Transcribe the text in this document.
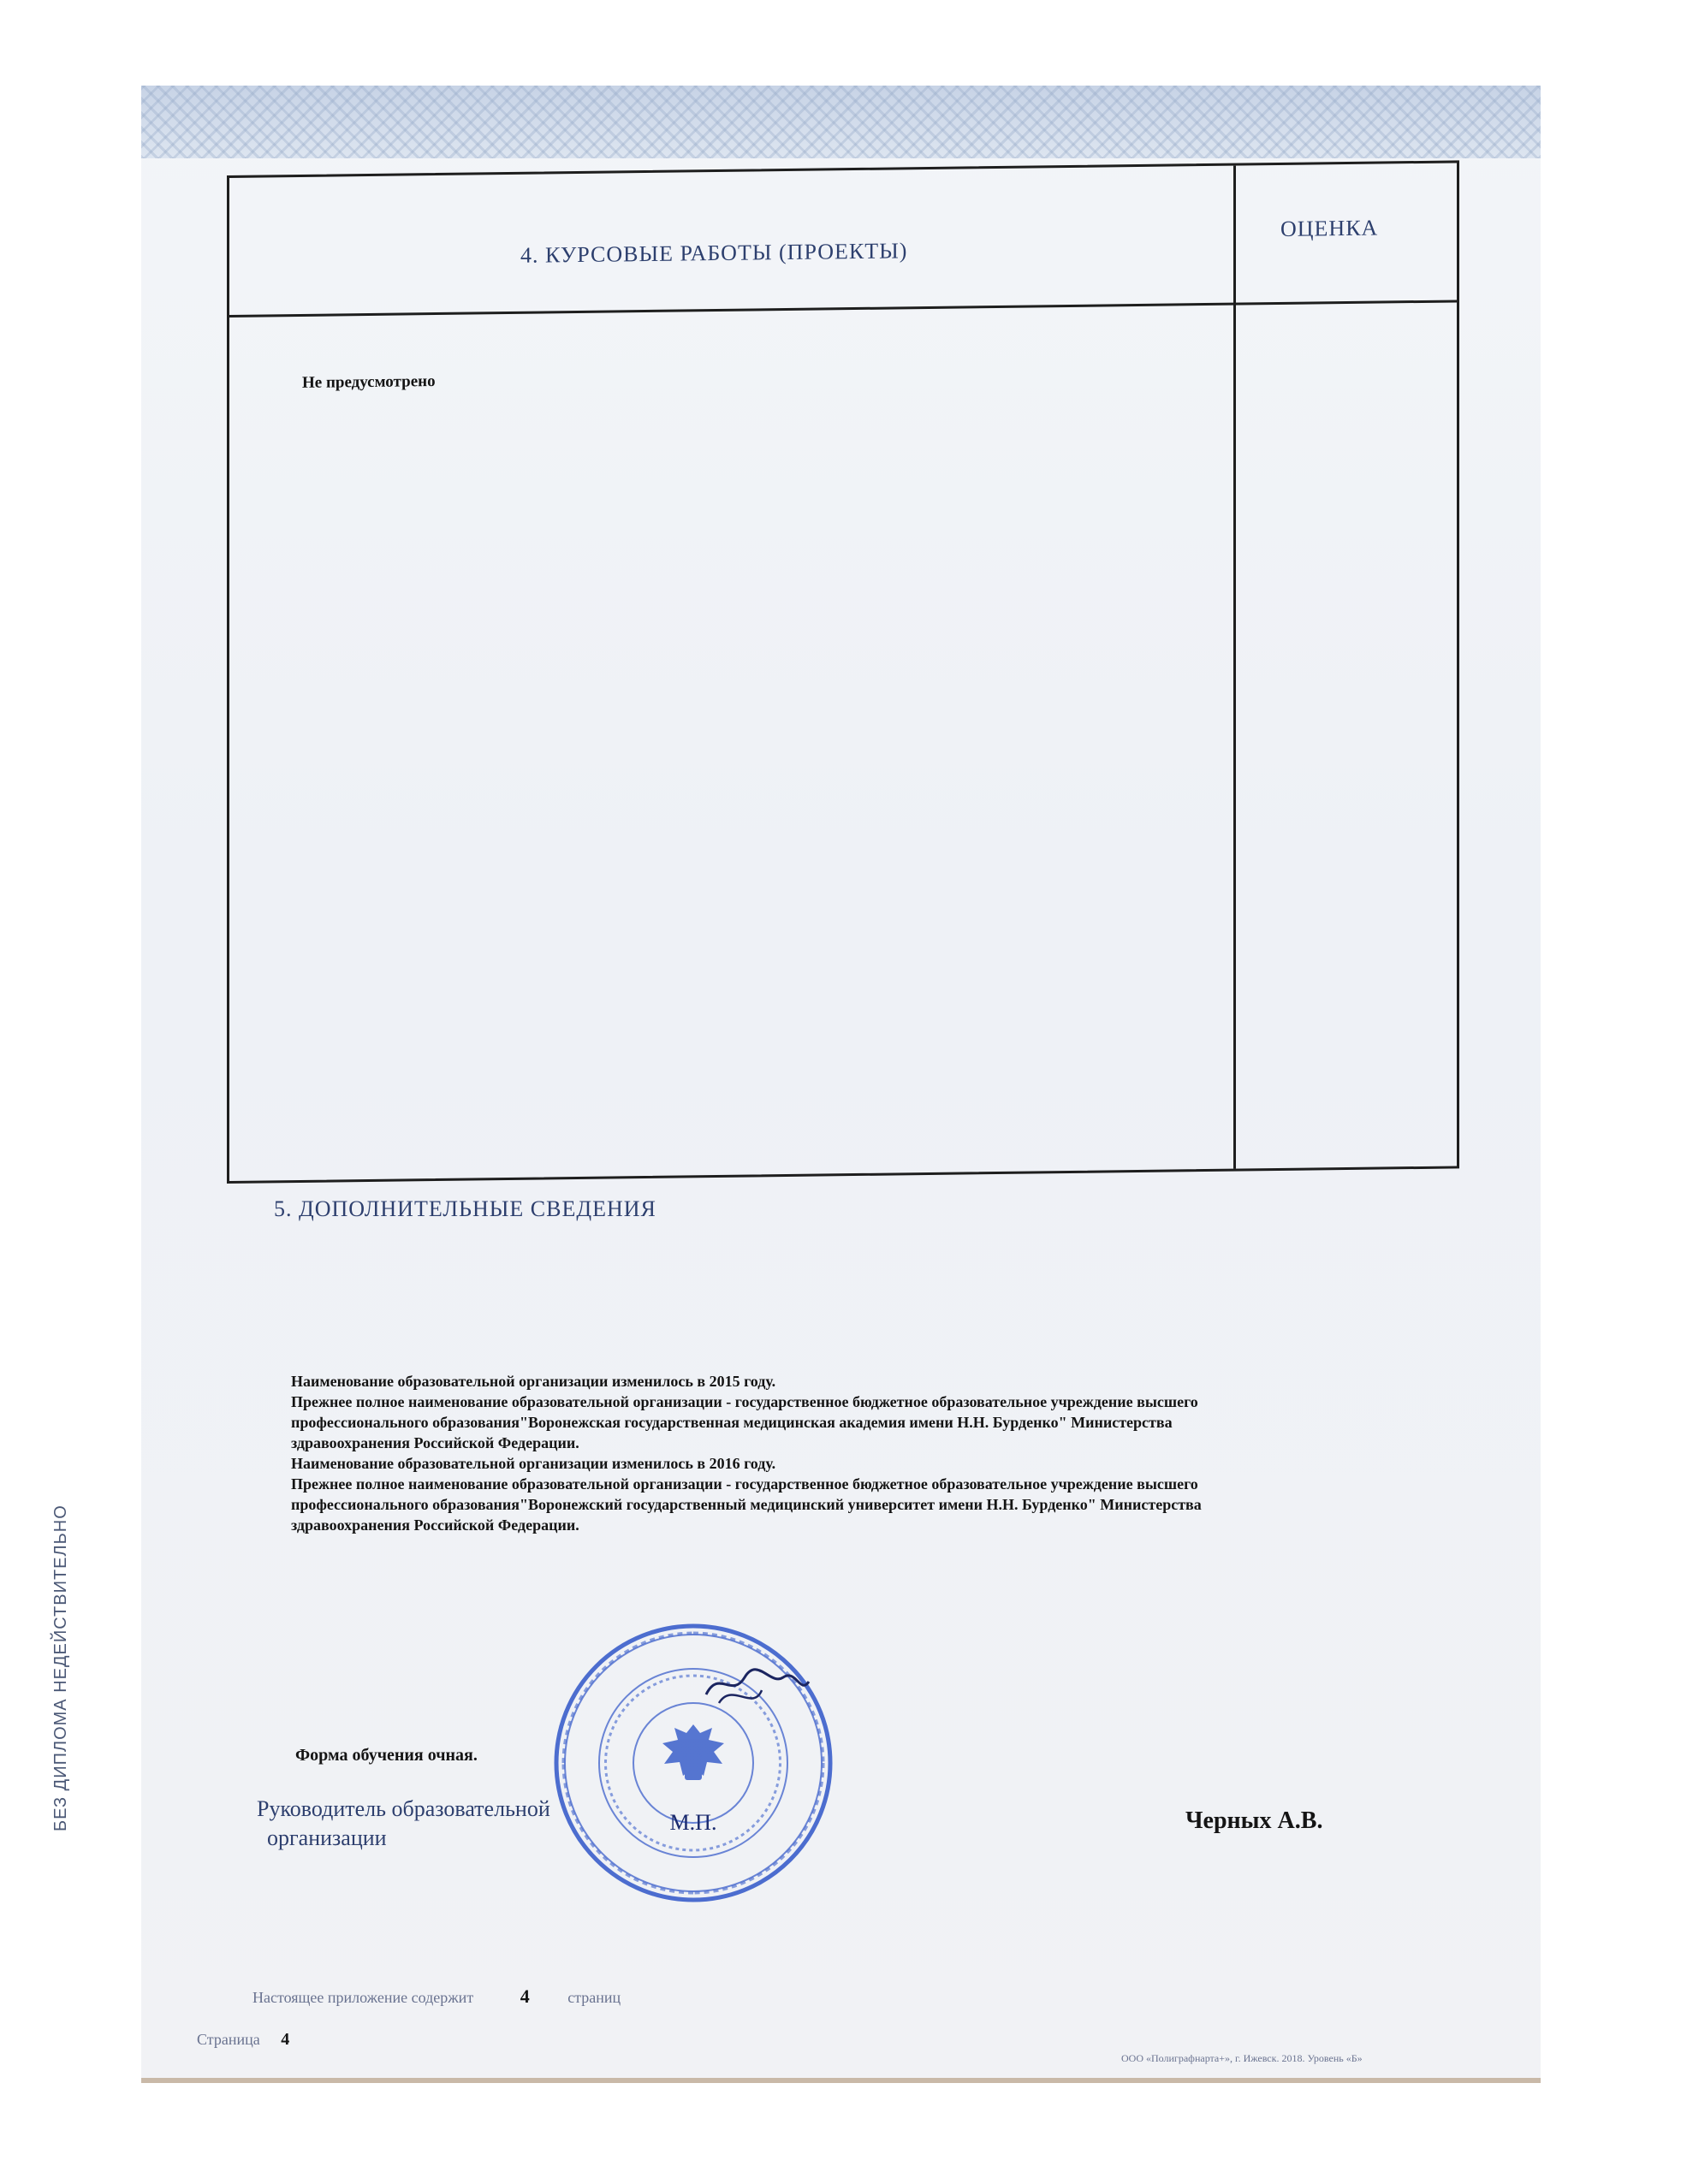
4. КУРСОВЫЕ РАБОТЫ (ПРОЕКТЫ)
ОЦЕНКА
Не предусмотрено
5. ДОПОЛНИТЕЛЬНЫЕ СВЕДЕНИЯ
Наименование образовательной организации изменилось в 2015 году.
Прежнее полное наименование образовательной организации - государственное бюджетное образовательное учреждение высшего
профессионального образования"Воронежская государственная медицинская академия имени Н.Н. Бурденко" Министерства
здравоохранения Российской Федерации.
Наименование образовательной организации изменилось в 2016 году.
Прежнее полное наименование образовательной организации - государственное бюджетное образовательное учреждение высшего
профессионального образования"Воронежский государственный медицинский университет имени Н.Н. Бурденко" Министерства
здравоохранения Российской Федерации.
Форма обучения очная.
Руководитель образовательной
организации
Черных А.В.
Настоящее приложение содержит 4 страниц
Страница 4
ООО «Полиграфнарта+», г. Ижевск. 2018. Уровень «Б»
БЕЗ ДИПЛОМА НЕДЕЙСТВИТЕЛЬНО	М.П.
